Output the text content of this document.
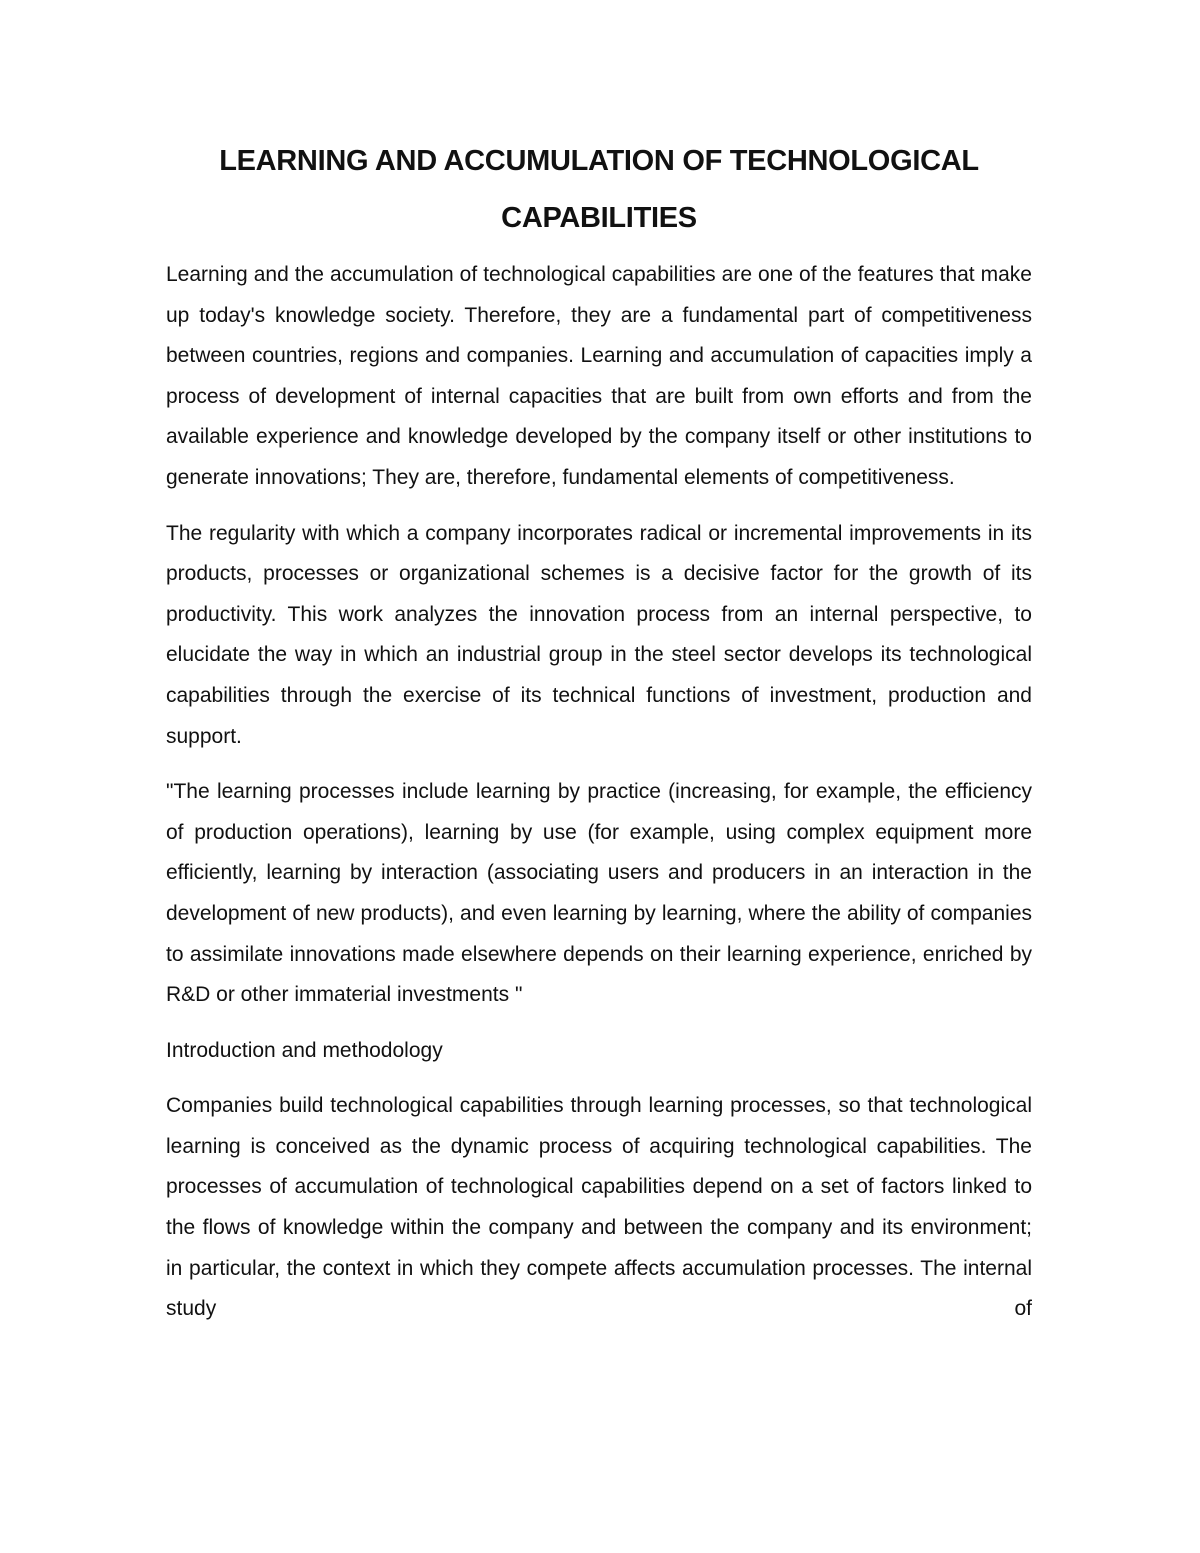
LEARNING AND ACCUMULATION OF TECHNOLOGICAL CAPABILITIES

Learning and the accumulation of technological capabilities are one of the features that make up today's knowledge society. Therefore, they are a fundamental part of competitiveness between countries, regions and companies. Learning and accumulation of capacities imply a process of development of internal capacities that are built from own efforts and from the available experience and knowledge developed by the company itself or other institutions to generate innovations; They are, therefore, fundamental elements of competitiveness.

The regularity with which a company incorporates radical or incremental improvements in its products, processes or organizational schemes is a decisive factor for the growth of its productivity. This work analyzes the innovation process from an internal perspective, to elucidate the way in which an industrial group in the steel sector develops its technological capabilities through the exercise of its technical functions of investment, production and support.

"The learning processes include learning by practice (increasing, for example, the efficiency of production operations), learning by use (for example, using complex equipment more efficiently, learning by interaction (associating users and producers in an interaction in the development of new products), and even learning by learning, where the ability of companies to assimilate innovations made elsewhere depends on their learning experience, enriched by R&D or other immaterial investments "

Introduction and methodology

Companies build technological capabilities through learning processes, so that technological learning is conceived as the dynamic process of acquiring technological capabilities. The processes of accumulation of technological capabilities depend on a set of factors linked to the flows of knowledge within the company and between the company and its environment; in particular, the context in which they compete affects accumulation processes. The internal study of
